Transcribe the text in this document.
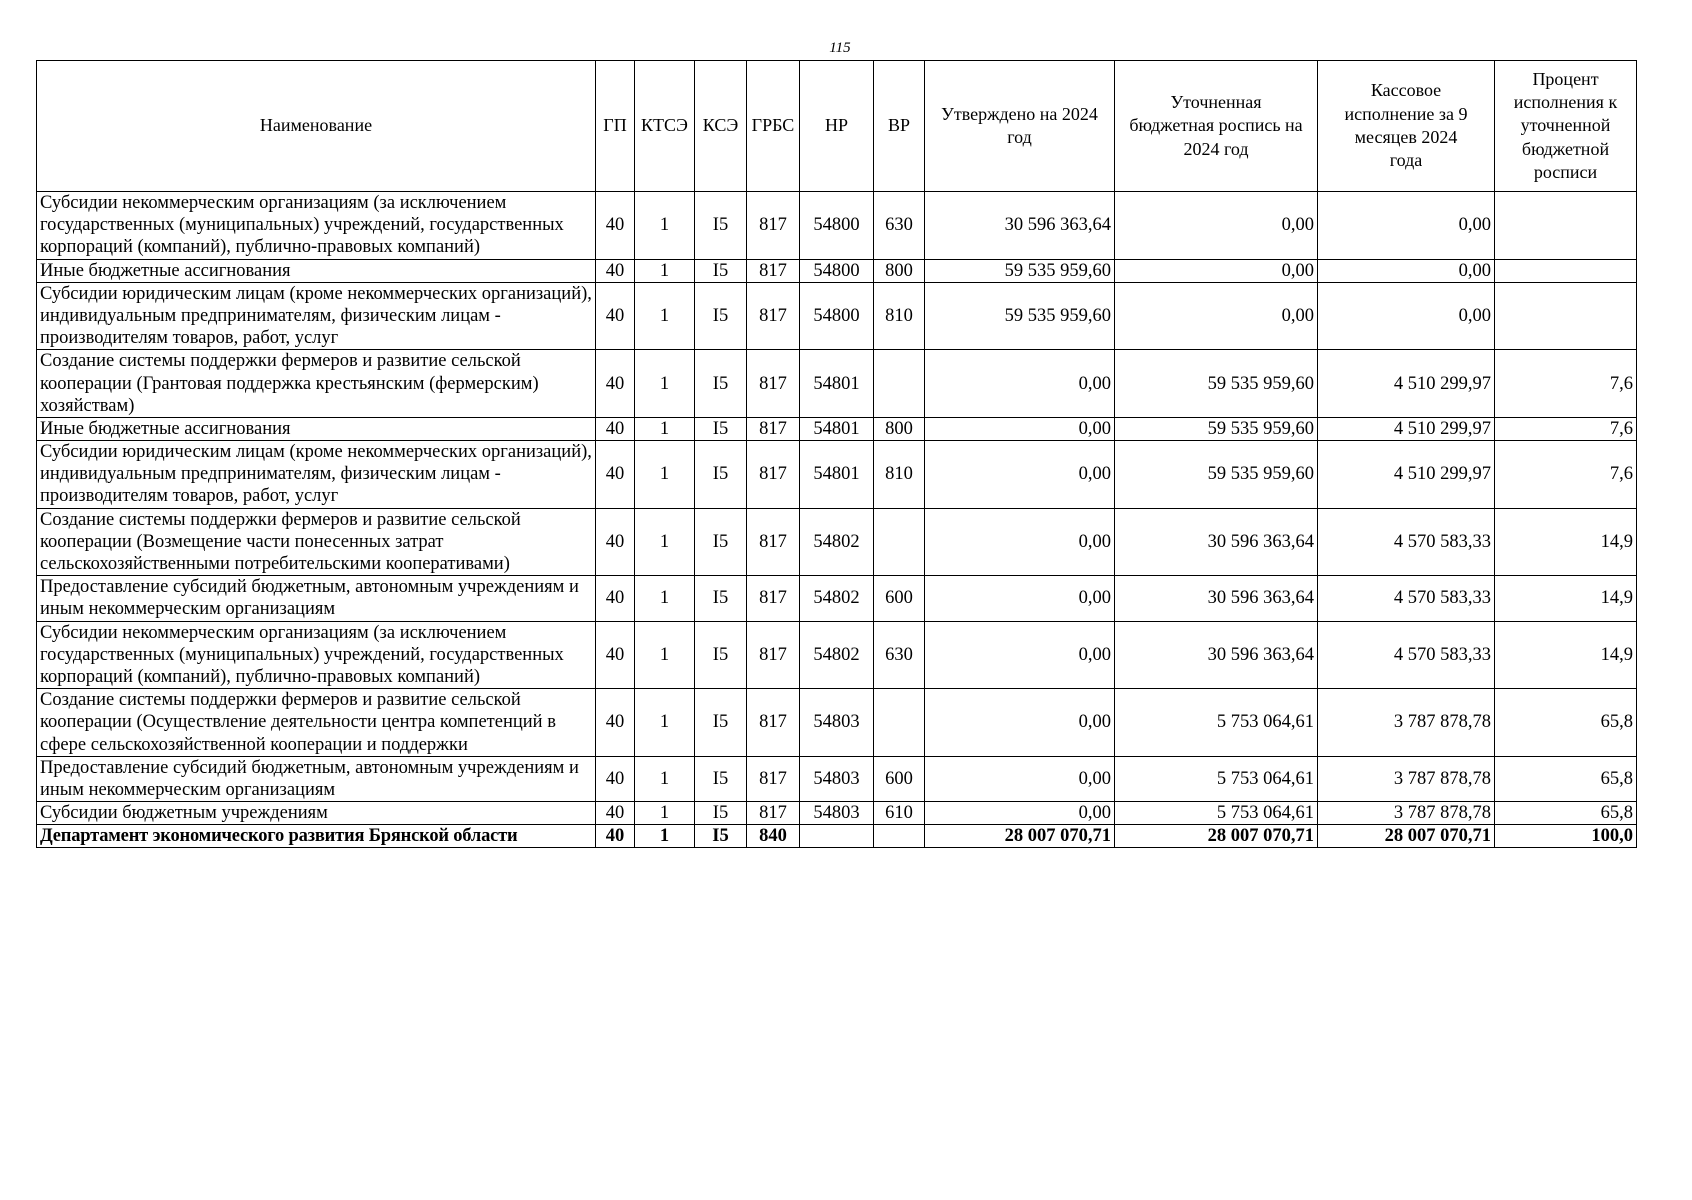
115
Наименование	ГП	КТСЭ	КСЭ	ГРБС	НР	ВР	Утверждено на 2024 год	Уточненная бюджетная роспись на 2024 год	Кассовое исполнение за 9 месяцев 2024 года	Процент исполнения к уточненной бюджетной росписи
Субсидии некоммерческим организациям (за исключением государственных (муниципальных) учреждений, государственных корпораций (компаний), публично-правовых компаний)	40	1	I5	817	54800	630	30 596 363,64	0,00	0,00	
Иные бюджетные ассигнования	40	1	I5	817	54800	800	59 535 959,60	0,00	0,00	
Субсидии юридическим лицам (кроме некоммерческих организаций), индивидуальным предпринимателям, физическим лицам - производителям товаров, работ, услуг	40	1	I5	817	54800	810	59 535 959,60	0,00	0,00	
Создание системы поддержки фермеров и развитие сельской кооперации (Грантовая поддержка крестьянским (фермерским) хозяйствам)	40	1	I5	817	54801		0,00	59 535 959,60	4 510 299,97	7,6
Иные бюджетные ассигнования	40	1	I5	817	54801	800	0,00	59 535 959,60	4 510 299,97	7,6
Субсидии юридическим лицам (кроме некоммерческих организаций), индивидуальным предпринимателям, физическим лицам - производителям товаров, работ, услуг	40	1	I5	817	54801	810	0,00	59 535 959,60	4 510 299,97	7,6
Создание системы поддержки фермеров и развитие сельской кооперации (Возмещение части понесенных затрат сельскохозяйственными потребительскими кооперативами)	40	1	I5	817	54802		0,00	30 596 363,64	4 570 583,33	14,9
Предоставление субсидий бюджетным, автономным учреждениям и иным некоммерческим организациям	40	1	I5	817	54802	600	0,00	30 596 363,64	4 570 583,33	14,9
Субсидии некоммерческим организациям (за исключением государственных (муниципальных) учреждений, государственных корпораций (компаний), публично-правовых компаний)	40	1	I5	817	54802	630	0,00	30 596 363,64	4 570 583,33	14,9
Создание системы поддержки фермеров и развитие сельской кооперации (Осуществление деятельности центра компетенций в сфере сельскохозяйственной кооперации и поддержки	40	1	I5	817	54803		0,00	5 753 064,61	3 787 878,78	65,8
Предоставление субсидий бюджетным, автономным учреждениям и иным некоммерческим организациям	40	1	I5	817	54803	600	0,00	5 753 064,61	3 787 878,78	65,8
Субсидии бюджетным учреждениям	40	1	I5	817	54803	610	0,00	5 753 064,61	3 787 878,78	65,8
Департамент экономического развития Брянской области	40	1	I5	840			28 007 070,71	28 007 070,71	28 007 070,71	100,0
